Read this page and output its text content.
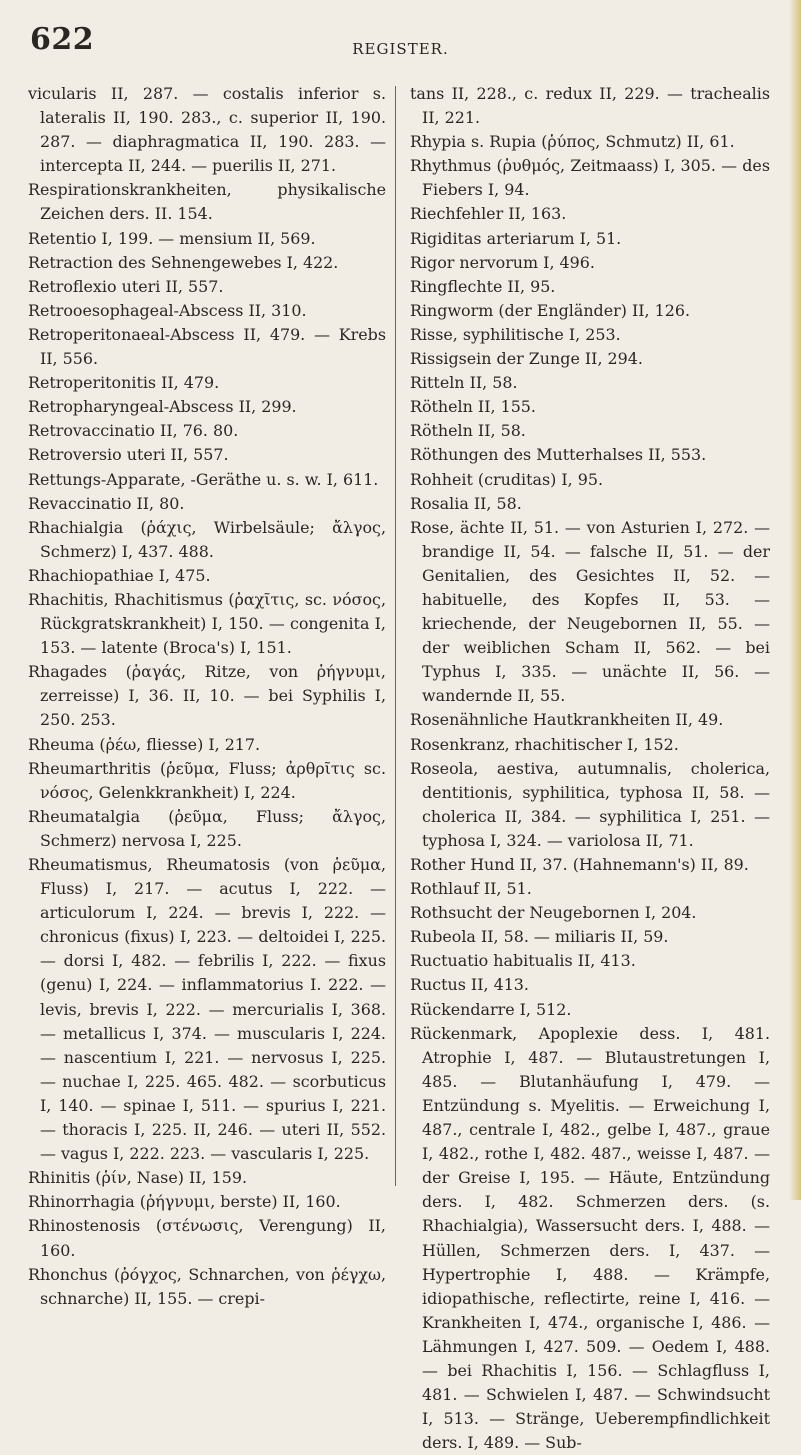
622	REGISTER.

vicularis II, 287. — costalis inferior s. lateralis II, 190. 283., c. superior II, 190. 287. — diaphragmatica II, 190. 283. — intercepta II, 244. — puerilis II, 271.

Respirationskrankheiten, physikalische Zeichen ders. II. 154.

Retentio I, 199. — mensium II, 569.

Retraction des Sehnengewebes I, 422.

Retroflexio uteri II, 557.

Retrooesophageal-Abscess II, 310.

Retroperitonaeal-Abscess II, 479. — Krebs II, 556.

Retroperitonitis II, 479.

Retropharyngeal-Abscess II, 299.

Retrovaccinatio II, 76. 80.

Retroversio uteri II, 557.

Rettungs-Apparate, -Geräthe u. s. w. I, 611.

Revaccinatio II, 80.

Rhachialgia (ῥάχις, Wirbelsäule; ἄλγος, Schmerz) I, 437. 488.

Rhachiopathiae I, 475.

Rhachitis, Rhachitismus (ῥαχῖτις, sc. νόσος, Rückgratskrankheit) I, 150. — congenita I, 153. — latente (Broca's) I, 151.

Rhagades (ῥαγάς, Ritze, von ῥήγνυμι, zerreisse) I, 36. II, 10. — bei Syphilis I, 250. 253.

Rheuma (ῥέω, fliesse) I, 217.

Rheumarthritis (ῥεῦμα, Fluss; ἀρθρῖτις sc. νόσος, Gelenkkrankheit) I, 224.

Rheumatalgia (ῥεῦμα, Fluss; ἄλγος, Schmerz) nervosa I, 225.

Rheumatismus, Rheumatosis (von ῥεῦμα, Fluss) I, 217. — acutus I, 222. — articulorum I, 224. — brevis I, 222. — chronicus (fixus) I, 223. — deltoidei I, 225. — dorsi I, 482. — febrilis I, 222. — fixus (genu) I, 224. — inflammatorius I. 222. — levis, brevis I, 222. — mercurialis I, 368. — metallicus I, 374. — muscularis I, 224. — nascentium I, 221. — nervosus I, 225. — nuchae I, 225. 465. 482. — scorbuticus I, 140. — spinae I, 511. — spurius I, 221. — thoracis I, 225. II, 246. — uteri II, 552. — vagus I, 222. 223. — vascularis I, 225.

Rhinitis (ῥίν, Nase) II, 159.

Rhinorrhagia (ῥήγνυμι, berste) II, 160.

Rhinostenosis (στένωσις, Verengung) II, 160.

Rhonchus (ῥόγχος, Schnarchen, von ῥέγχω, schnarche) II, 155. — crepi-

tans II, 228., c. redux II, 229. — trachealis II, 221.

Rhypia s. Rupia (ῥύπος, Schmutz) II, 61.

Rhythmus (ῥυθμός, Zeitmaass) I, 305. — des Fiebers I, 94.

Riechfehler II, 163.

Rigiditas arteriarum I, 51.

Rigor nervorum I, 496.

Ringflechte II, 95.

Ringworm (der Engländer) II, 126.

Risse, syphilitische I, 253.

Rissigsein der Zunge II, 294.

Ritteln II, 58.

Rötheln II, 155.

Rötheln II, 58.

Röthungen des Mutterhalses II, 553.

Rohheit (cruditas) I, 95.

Rosalia II, 58.

Rose, ächte II, 51. — von Asturien I, 272. — brandige II, 54. — falsche II, 51. — der Genitalien, des Gesichtes II, 52. — habituelle, des Kopfes II, 53. — kriechende, der Neugebornen II, 55. — der weiblichen Scham II, 562. — bei Typhus I, 335. — unächte II, 56. — wandernde II, 55.

Rosenähnliche Hautkrankheiten II, 49.

Rosenkranz, rhachitischer I, 152.

Roseola, aestiva, autumnalis, cholerica, dentitionis, syphilitica, typhosa II, 58. — cholerica II, 384. — syphilitica I, 251. — typhosa I, 324. — variolosa II, 71.

Rother Hund II, 37. (Hahnemann's) II, 89.

Rothlauf II, 51.

Rothsucht der Neugebornen I, 204.

Rubeola II, 58. — miliaris II, 59.

Ructuatio habitualis II, 413.

Ructus II, 413.

Rückendarre I, 512.

Rückenmark, Apoplexie dess. I, 481. Atrophie I, 487. — Blutaustretungen I, 485. — Blutanhäufung I, 479. — Entzündung s. Myelitis. — Erweichung I, 487., centrale I, 482., gelbe I, 487., graue I, 482., rothe I, 482. 487., weisse I, 487. — der Greise I, 195. — Häute, Entzündung ders. I, 482. Schmerzen ders. (s. Rhachialgia), Wassersucht ders. I, 488. — Hüllen, Schmerzen ders. I, 437. — Hypertrophie I, 488. — Krämpfe, idiopathische, reflectirte, reine I, 416. — Krankheiten I, 474., organische I, 486. — Lähmungen I, 427. 509. — Oedem I, 488. — bei Rhachitis I, 156. — Schlagfluss I, 481. — Schwielen I, 487. — Schwindsucht I, 513. — Stränge, Ueberempfindlichkeit ders. I, 489. — Sub-
